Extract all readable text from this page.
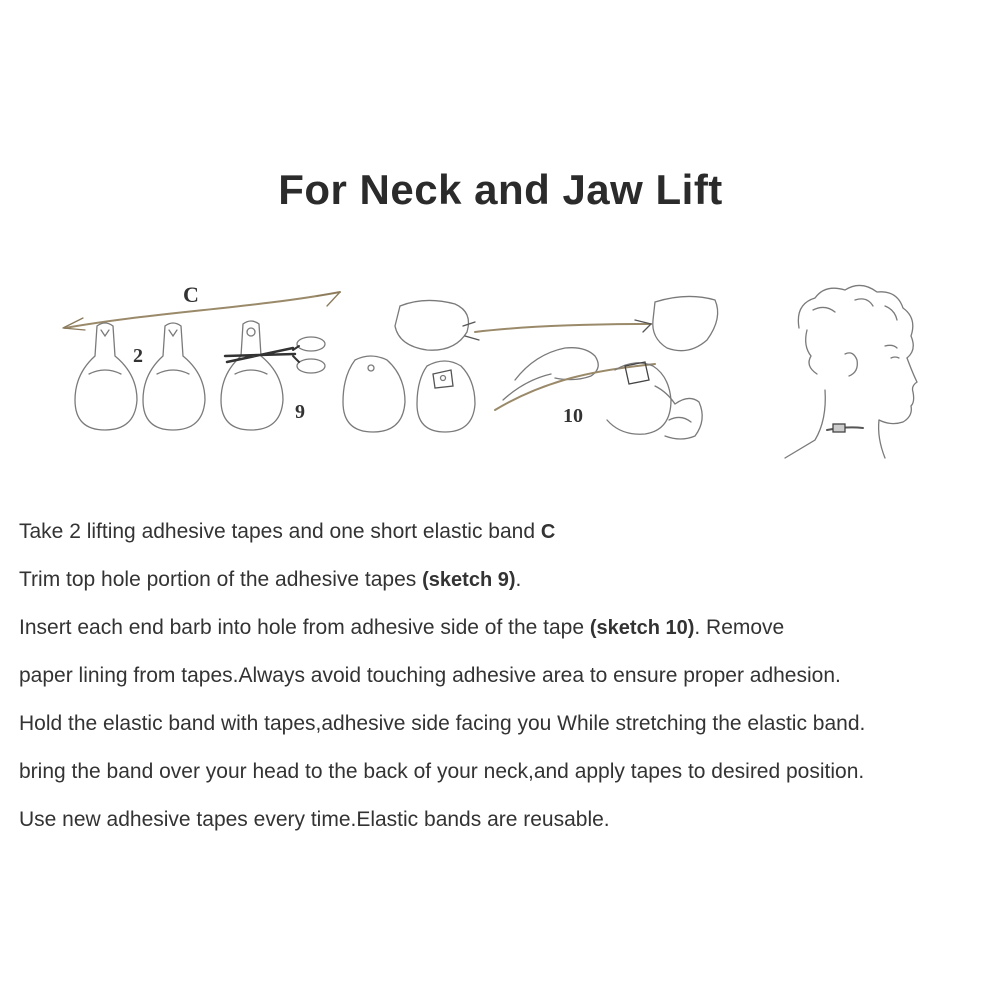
For Neck and Jaw Lift
C
2
9	10
Take 2 lifting adhesive tapes and one short elastic band C
Trim top hole portion of the adhesive tapes (sketch 9).
Insert each end barb into hole from adhesive side of the tape (sketch 10). Remove
paper lining from tapes.Always avoid touching adhesive area to ensure proper adhesion.
Hold the elastic band with tapes,adhesive side facing you While stretching the elastic band.
bring the band over your head to the back of your neck,and apply tapes to desired position.
Use new adhesive tapes every time.Elastic bands are reusable.
